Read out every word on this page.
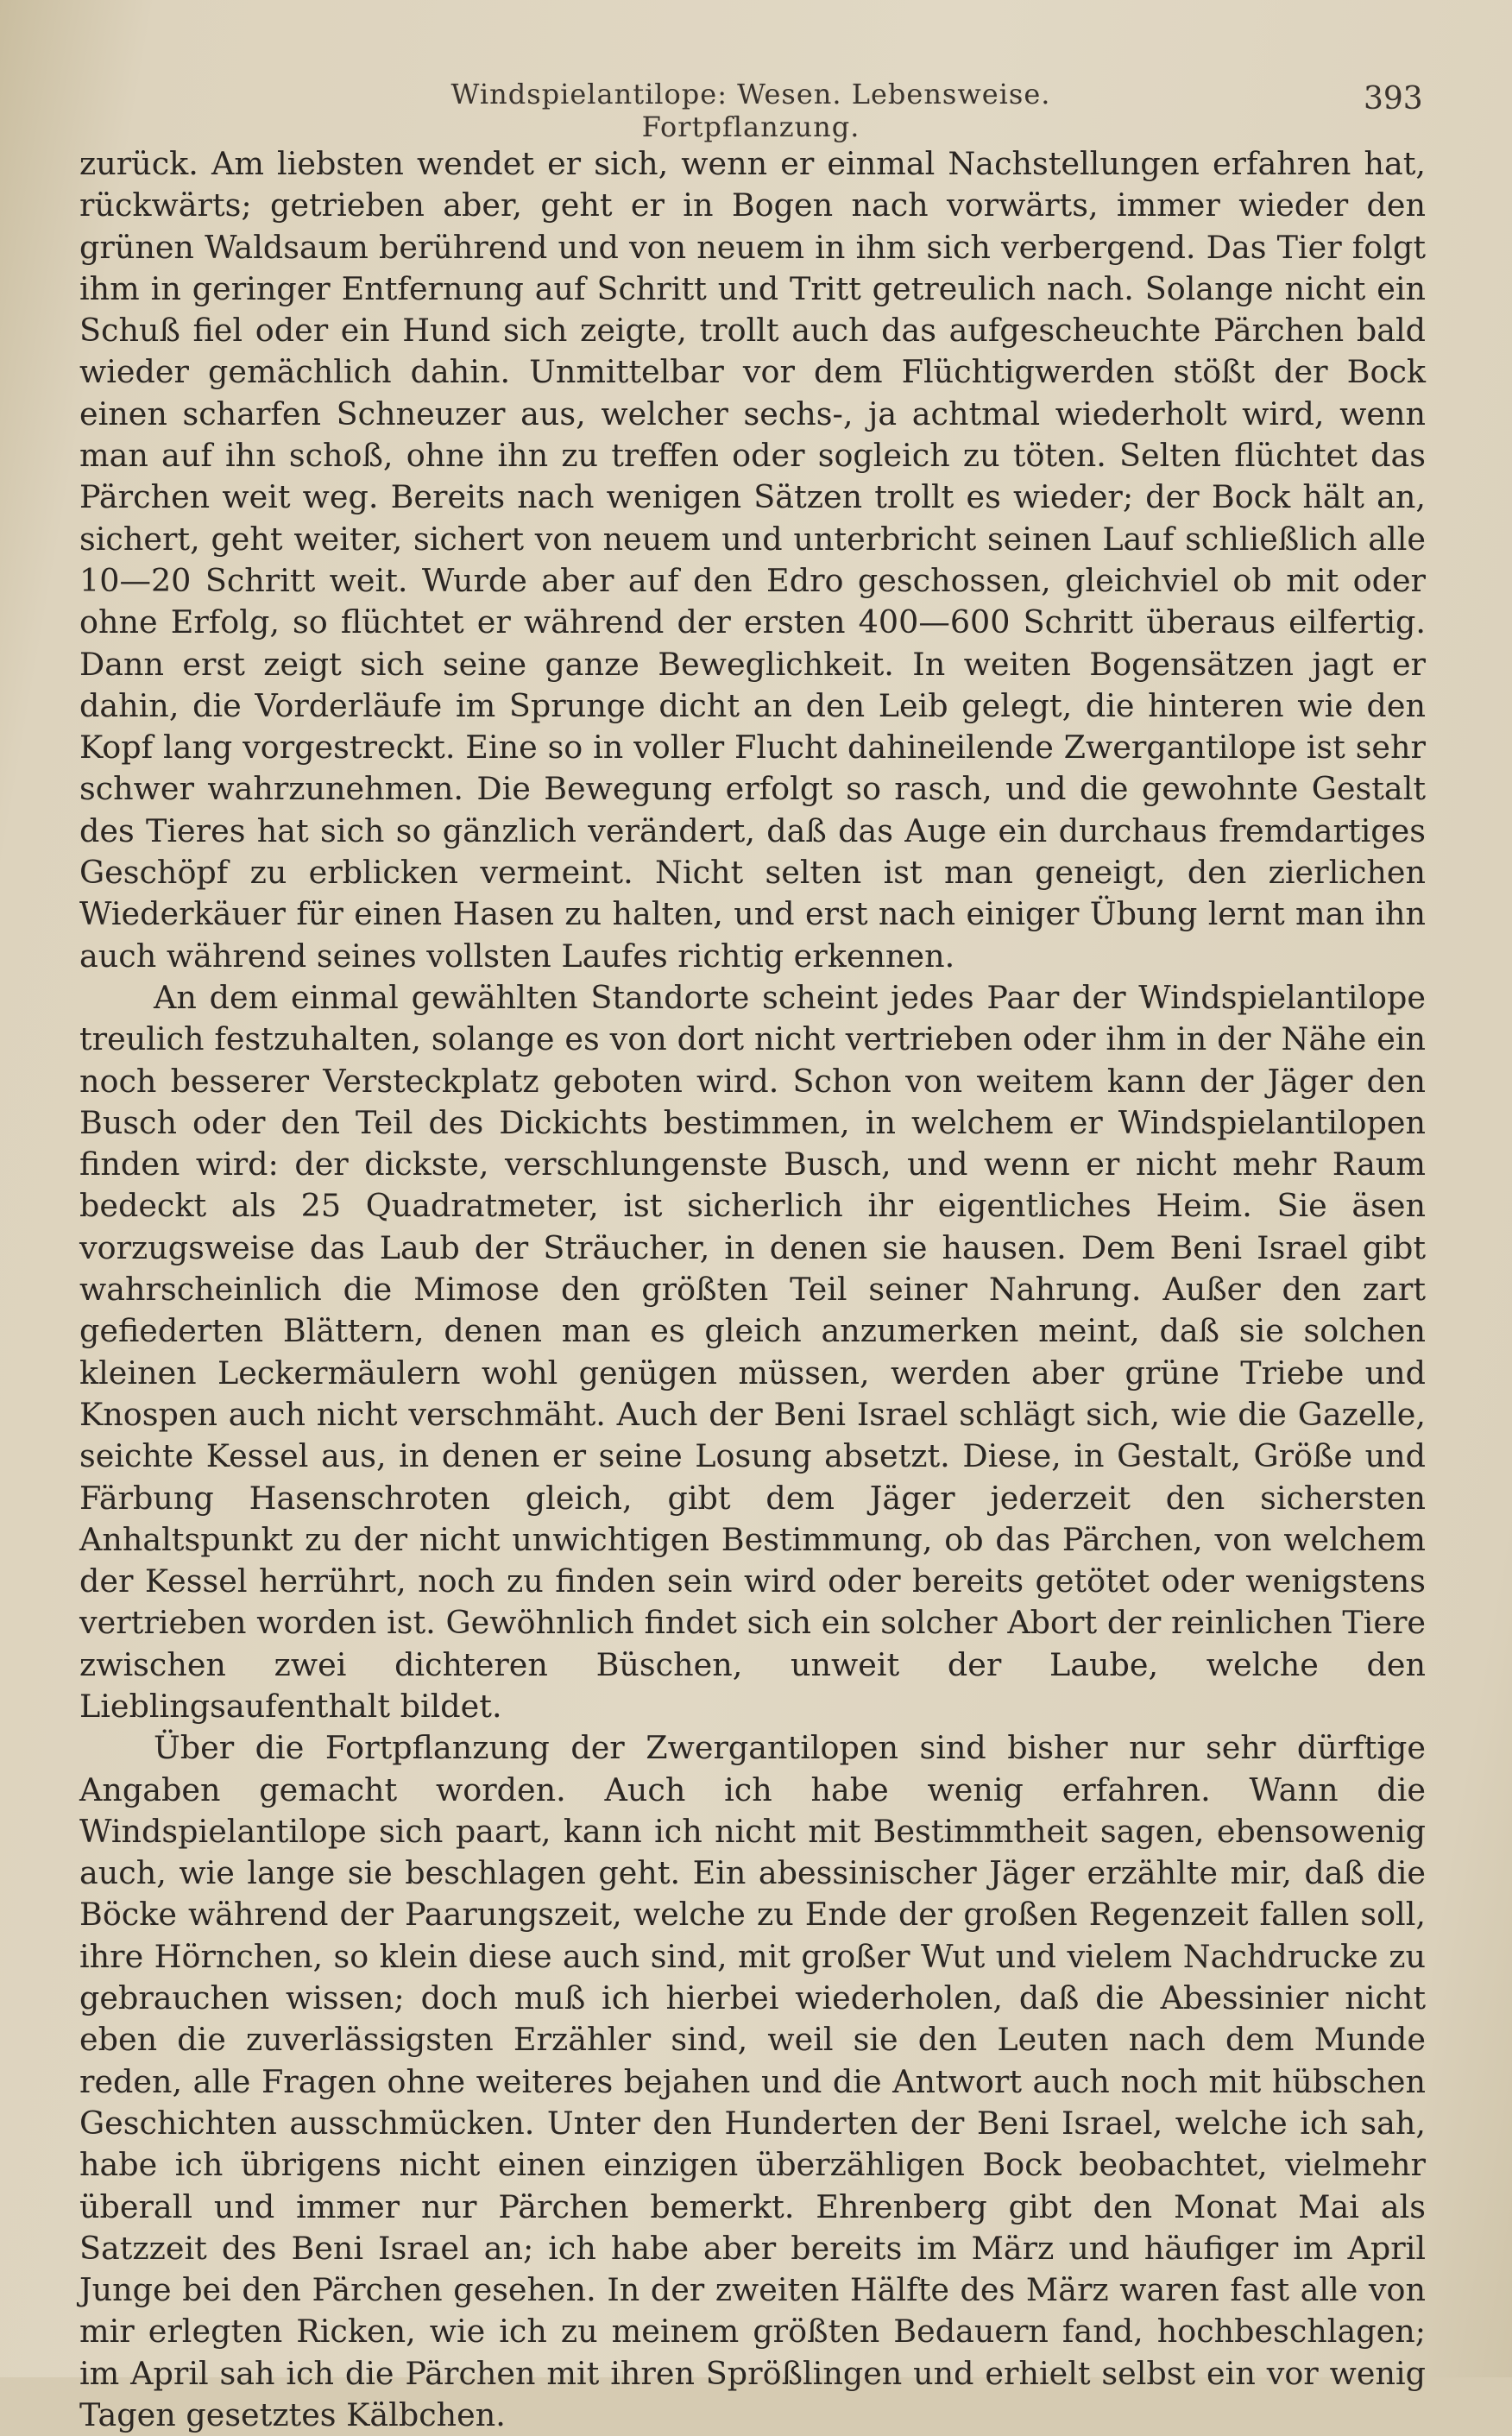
Windspielantilope: Wesen. Lebensweise. Fortpflanzung.
393

zurück. Am liebsten wendet er sich, wenn er einmal Nachstellungen erfahren hat, rückwärts; getrieben aber, geht er in Bogen nach vorwärts, immer wieder den grünen Waldsaum berührend und von neuem in ihm sich verbergend. Das Tier folgt ihm in geringer Entfernung auf Schritt und Tritt getreulich nach. Solange nicht ein Schuß fiel oder ein Hund sich zeigte, trollt auch das aufgescheuchte Pärchen bald wieder gemächlich dahin. Unmittelbar vor dem Flüchtigwerden stößt der Bock einen scharfen Schneuzer aus, welcher sechs-, ja achtmal wiederholt wird, wenn man auf ihn schoß, ohne ihn zu treffen oder sogleich zu töten. Selten flüchtet das Pärchen weit weg. Bereits nach wenigen Sätzen trollt es wieder; der Bock hält an, sichert, geht weiter, sichert von neuem und unterbricht seinen Lauf schließlich alle 10—20 Schritt weit. Wurde aber auf den Edro geschossen, gleichviel ob mit oder ohne Erfolg, so flüchtet er während der ersten 400—600 Schritt überaus eilfertig. Dann erst zeigt sich seine ganze Beweglichkeit. In weiten Bogensätzen jagt er dahin, die Vorderläufe im Sprunge dicht an den Leib gelegt, die hinteren wie den Kopf lang vorgestreckt. Eine so in voller Flucht dahineilende Zwergantilope ist sehr schwer wahrzunehmen. Die Bewegung erfolgt so rasch, und die gewohnte Gestalt des Tieres hat sich so gänzlich verändert, daß das Auge ein durchaus fremdartiges Geschöpf zu erblicken vermeint. Nicht selten ist man geneigt, den zierlichen Wiederkäuer für einen Hasen zu halten, und erst nach einiger Übung lernt man ihn auch während seines vollsten Laufes richtig erkennen.

An dem einmal gewählten Standorte scheint jedes Paar der Windspielantilope treulich festzuhalten, solange es von dort nicht vertrieben oder ihm in der Nähe ein noch besserer Versteckplatz geboten wird. Schon von weitem kann der Jäger den Busch oder den Teil des Dickichts bestimmen, in welchem er Windspielantilopen finden wird: der dickste, verschlungenste Busch, und wenn er nicht mehr Raum bedeckt als 25 Quadratmeter, ist sicherlich ihr eigentliches Heim. Sie äsen vorzugsweise das Laub der Sträucher, in denen sie hausen. Dem Beni Israel gibt wahrscheinlich die Mimose den größten Teil seiner Nahrung. Außer den zart gefiederten Blättern, denen man es gleich anzumerken meint, daß sie solchen kleinen Leckermäulern wohl genügen müssen, werden aber grüne Triebe und Knospen auch nicht verschmäht. Auch der Beni Israel schlägt sich, wie die Gazelle, seichte Kessel aus, in denen er seine Losung absetzt. Diese, in Gestalt, Größe und Färbung Hasenschroten gleich, gibt dem Jäger jederzeit den sichersten Anhaltspunkt zu der nicht unwichtigen Bestimmung, ob das Pärchen, von welchem der Kessel herrührt, noch zu finden sein wird oder bereits getötet oder wenigstens vertrieben worden ist. Gewöhnlich findet sich ein solcher Abort der reinlichen Tiere zwischen zwei dichteren Büschen, unweit der Laube, welche den Lieblingsaufenthalt bildet.

Über die Fortpflanzung der Zwergantilopen sind bisher nur sehr dürftige Angaben gemacht worden. Auch ich habe wenig erfahren. Wann die Windspielantilope sich paart, kann ich nicht mit Bestimmtheit sagen, ebensowenig auch, wie lange sie beschlagen geht. Ein abessinischer Jäger erzählte mir, daß die Böcke während der Paarungszeit, welche zu Ende der großen Regenzeit fallen soll, ihre Hörnchen, so klein diese auch sind, mit großer Wut und vielem Nachdrucke zu gebrauchen wissen; doch muß ich hierbei wiederholen, daß die Abessinier nicht eben die zuverlässigsten Erzähler sind, weil sie den Leuten nach dem Munde reden, alle Fragen ohne weiteres bejahen und die Antwort auch noch mit hübschen Geschichten ausschmücken. Unter den Hunderten der Beni Israel, welche ich sah, habe ich übrigens nicht einen einzigen überzähligen Bock beobachtet, vielmehr überall und immer nur Pärchen bemerkt. Ehrenberg gibt den Monat Mai als Satzzeit des Beni Israel an; ich habe aber bereits im März und häufiger im April Junge bei den Pärchen gesehen. In der zweiten Hälfte des März waren fast alle von mir erlegten Ricken, wie ich zu meinem größten Bedauern fand, hochbeschlagen; im April sah ich die Pärchen mit ihren Sprößlingen und erhielt selbst ein vor wenig Tagen gesetztes Kälbchen.
